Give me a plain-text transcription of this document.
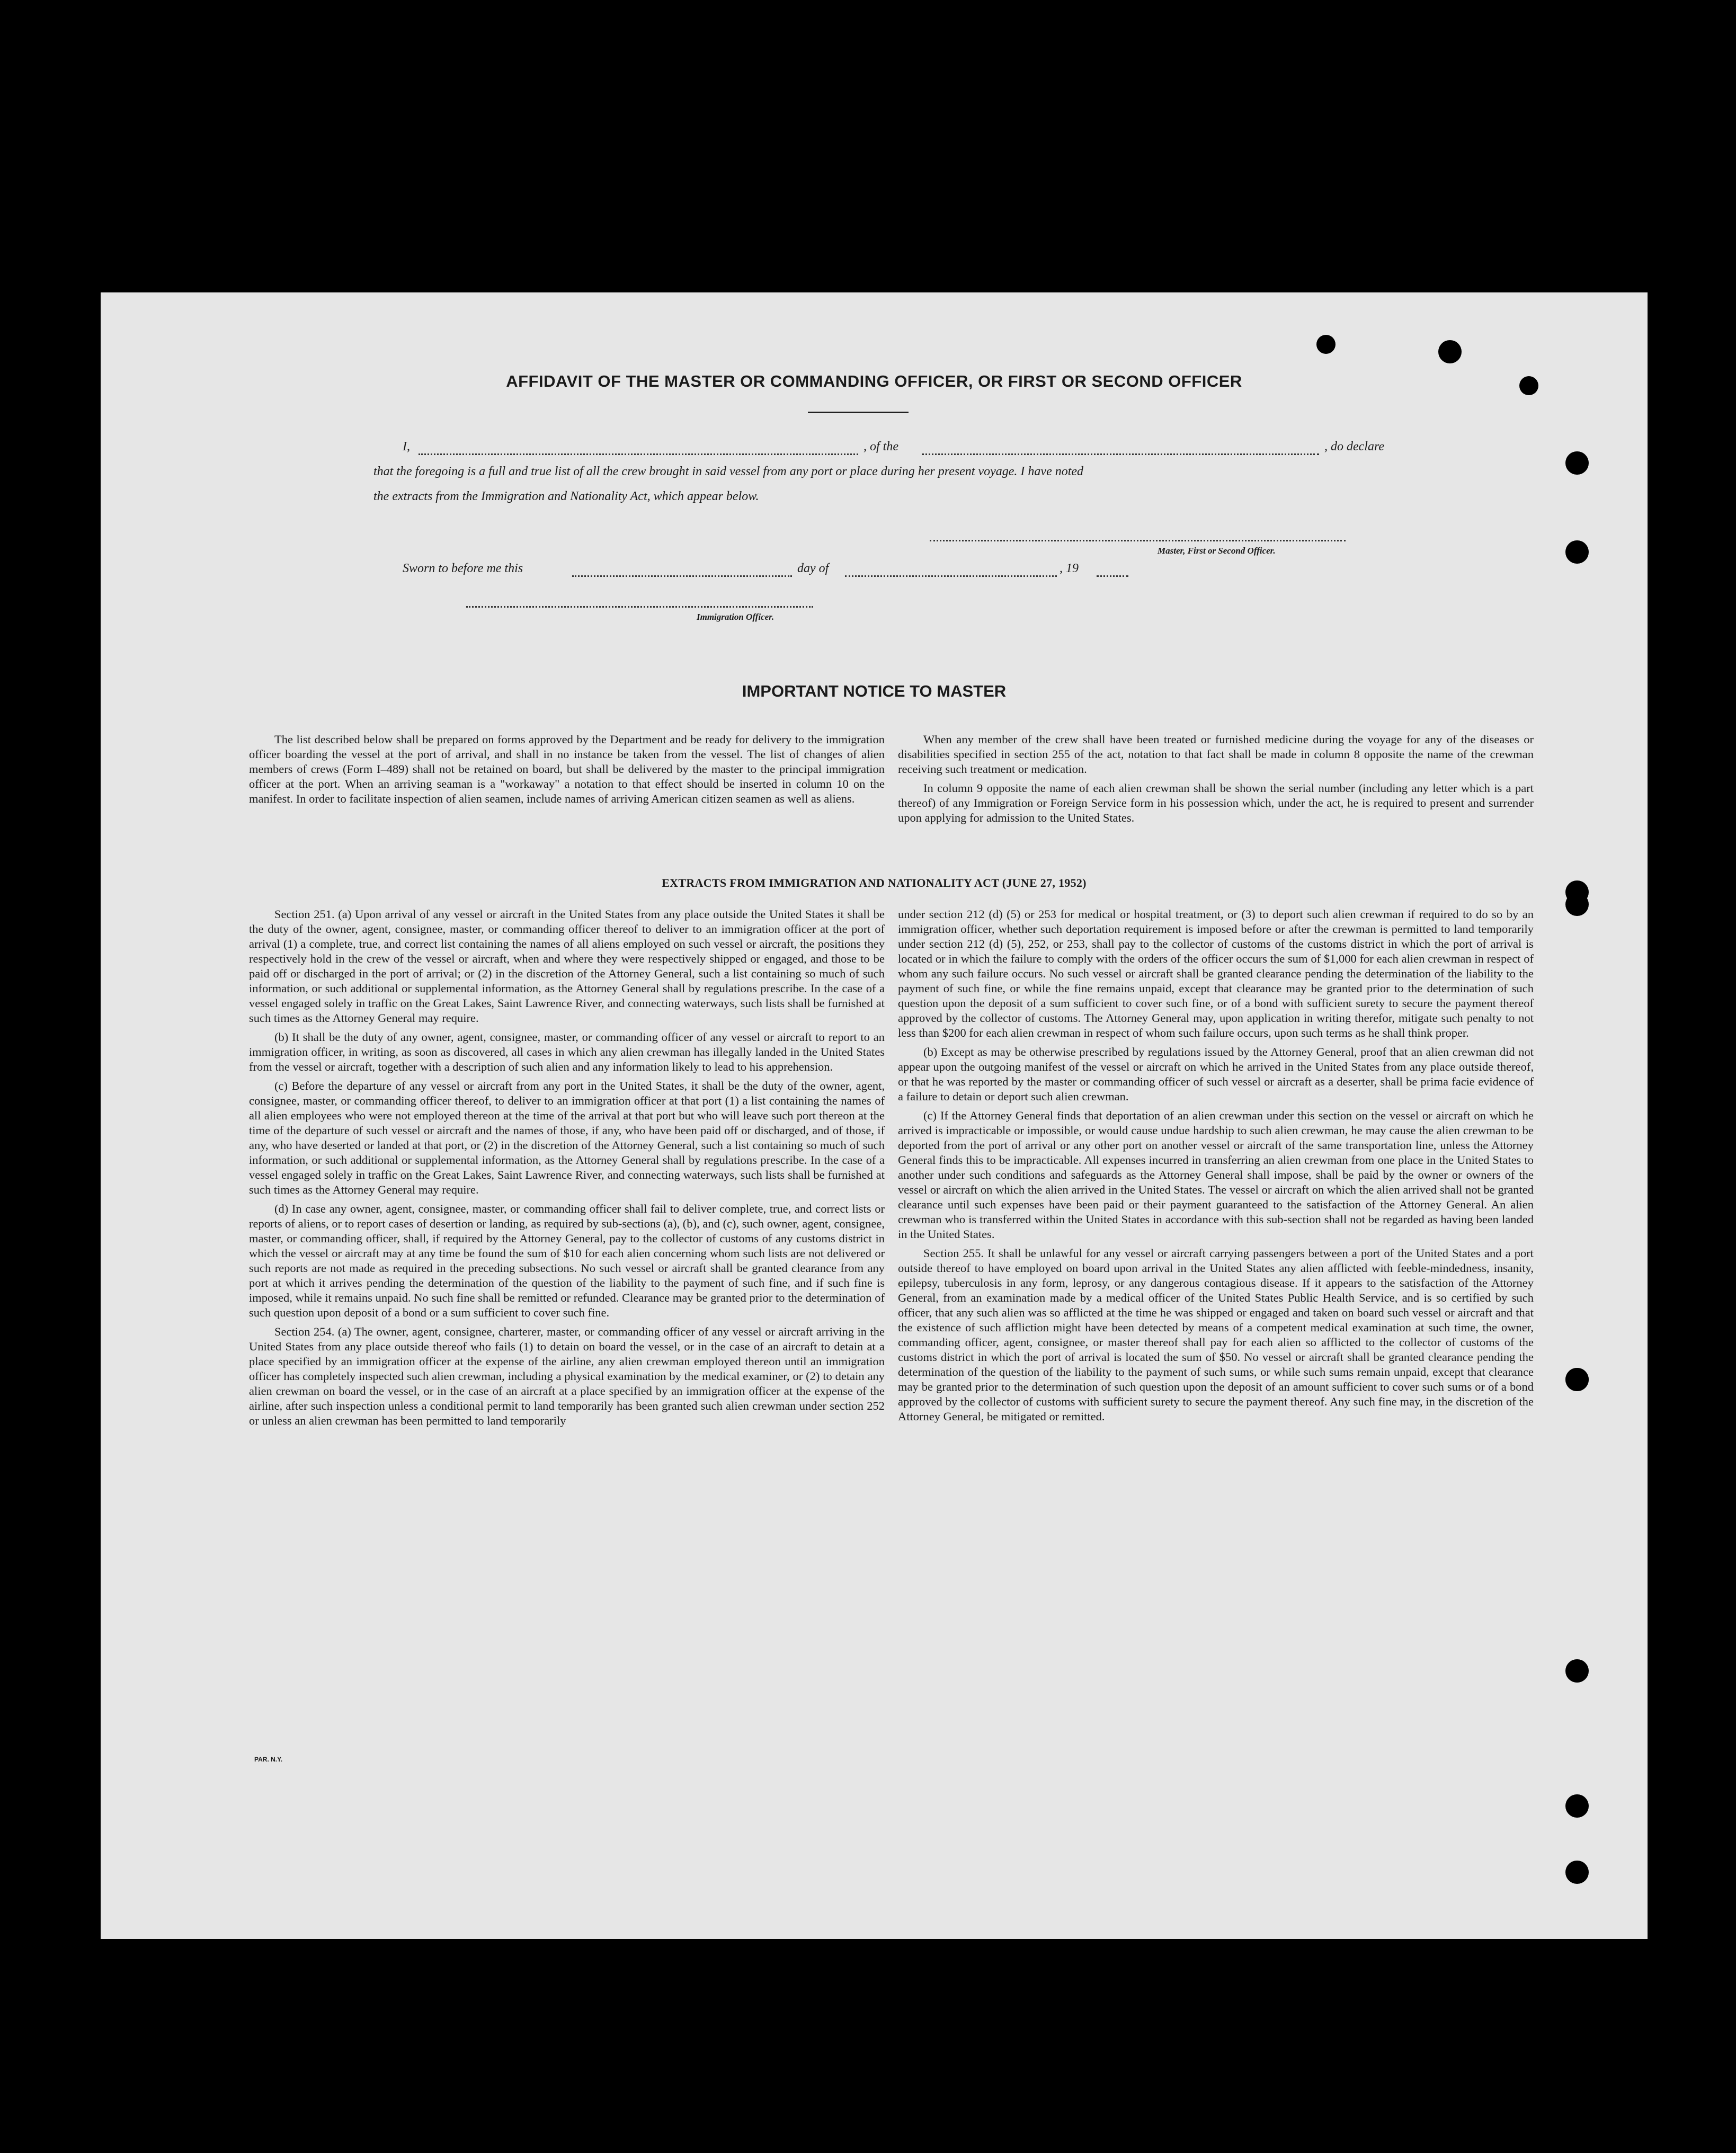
AFFIDAVIT OF THE MASTER OR COMMANDING OFFICER, OR FIRST OR SECOND OFFICER
I,	, of the	, do declare
that the foregoing is a full and true list of all the crew brought in said vessel from any port or place during her present voyage. I have noted
the extracts from the Immigration and Nationality Act, which appear below.
Master, First or Second Officer.
Sworn to before me this	day of	, 19
Immigration Officer.
IMPORTANT NOTICE TO MASTER

The list described below shall be prepared on forms approved by the Department and be ready for delivery to the immigration officer boarding the vessel at the port of arrival, and shall in no instance be taken from the vessel. The list of changes of alien members of crews (Form I–489) shall not be retained on board, but shall be delivered by the master to the principal immigration officer at the port. When an arriving seaman is a "workaway" a notation to that effect should be inserted in column 10 on the manifest. In order to facilitate inspection of alien seamen, include names of arriving American citizen seamen as well as aliens.

When any member of the crew shall have been treated or furnished medicine during the voyage for any of the diseases or disabilities specified in section 255 of the act, notation to that fact shall be made in column 8 opposite the name of the crewman receiving such treatment or medication.

In column 9 opposite the name of each alien crewman shall be shown the serial number (including any letter which is a part thereof) of any Immigration or Foreign Service form in his possession which, under the act, he is required to present and surrender upon applying for admission to the United States.

EXTRACTS FROM IMMIGRATION AND NATIONALITY ACT (JUNE 27, 1952)

Section 251. (a) Upon arrival of any vessel or aircraft in the United States from any place outside the United States it shall be the duty of the owner, agent, consignee, master, or commanding officer thereof to deliver to an immigration officer at the port of arrival (1) a complete, true, and correct list containing the names of all aliens employed on such vessel or aircraft, the positions they respectively hold in the crew of the vessel or aircraft, when and where they were respectively shipped or engaged, and those to be paid off or discharged in the port of arrival; or (2) in the discretion of the Attorney General, such a list containing so much of such information, or such additional or supplemental information, as the Attorney General shall by regulations prescribe. In the case of a vessel engaged solely in traffic on the Great Lakes, Saint Lawrence River, and connecting waterways, such lists shall be furnished at such times as the Attorney General may require.

(b) It shall be the duty of any owner, agent, consignee, master, or commanding officer of any vessel or aircraft to report to an immigration officer, in writing, as soon as discovered, all cases in which any alien crewman has illegally landed in the United States from the vessel or aircraft, together with a description of such alien and any information likely to lead to his apprehension.

(c) Before the departure of any vessel or aircraft from any port in the United States, it shall be the duty of the owner, agent, consignee, master, or commanding officer thereof, to deliver to an immigration officer at that port (1) a list containing the names of all alien employees who were not employed thereon at the time of the arrival at that port but who will leave such port thereon at the time of the departure of such vessel or aircraft and the names of those, if any, who have been paid off or discharged, and of those, if any, who have deserted or landed at that port, or (2) in the discretion of the Attorney General, such a list containing so much of such information, or such additional or supplemental information, as the Attorney General shall by regulations prescribe. In the case of a vessel engaged solely in traffic on the Great Lakes, Saint Lawrence River, and connecting waterways, such lists shall be furnished at such times as the Attorney General may require.

(d) In case any owner, agent, consignee, master, or commanding officer shall fail to deliver complete, true, and correct lists or reports of aliens, or to report cases of desertion or landing, as required by sub-sections (a), (b), and (c), such owner, agent, consignee, master, or commanding officer, shall, if required by the Attorney General, pay to the collector of customs of any customs district in which the vessel or aircraft may at any time be found the sum of $10 for each alien concerning whom such lists are not delivered or such reports are not made as required in the preceding subsections. No such vessel or aircraft shall be granted clearance from any port at which it arrives pending the determination of the question of the liability to the payment of such fine, and if such fine is imposed, while it remains unpaid. No such fine shall be remitted or refunded. Clearance may be granted prior to the determination of such question upon deposit of a bond or a sum sufficient to cover such fine.

Section 254. (a) The owner, agent, consignee, charterer, master, or commanding officer of any vessel or aircraft arriving in the United States from any place outside thereof who fails (1) to detain on board the vessel, or in the case of an aircraft to detain at a place specified by an immigration officer at the expense of the airline, any alien crewman employed thereon until an immigration officer has completely inspected such alien crewman, including a physical examination by the medical examiner, or (2) to detain any alien crewman on board the vessel, or in the case of an aircraft at a place specified by an immigration officer at the expense of the airline, after such inspection unless a conditional permit to land temporarily has been granted such alien crewman under section 252 or unless an alien crewman has been permitted to land temporarily

under section 212 (d) (5) or 253 for medical or hospital treatment, or (3) to deport such alien crewman if required to do so by an immigration officer, whether such deportation requirement is imposed before or after the crewman is permitted to land temporarily under section 212 (d) (5), 252, or 253, shall pay to the collector of customs of the customs district in which the port of arrival is located or in which the failure to comply with the orders of the officer occurs the sum of $1,000 for each alien crewman in respect of whom any such failure occurs. No such vessel or aircraft shall be granted clearance pending the determination of the liability to the payment of such fine, or while the fine remains unpaid, except that clearance may be granted prior to the determination of such question upon the deposit of a sum sufficient to cover such fine, or of a bond with sufficient surety to secure the payment thereof approved by the collector of customs. The Attorney General may, upon application in writing therefor, mitigate such penalty to not less than $200 for each alien crewman in respect of whom such failure occurs, upon such terms as he shall think proper.

(b) Except as may be otherwise prescribed by regulations issued by the Attorney General, proof that an alien crewman did not appear upon the outgoing manifest of the vessel or aircraft on which he arrived in the United States from any place outside thereof, or that he was reported by the master or commanding officer of such vessel or aircraft as a deserter, shall be prima facie evidence of a failure to detain or deport such alien crewman.

(c) If the Attorney General finds that deportation of an alien crewman under this section on the vessel or aircraft on which he arrived is impracticable or impossible, or would cause undue hardship to such alien crewman, he may cause the alien crewman to be deported from the port of arrival or any other port on another vessel or aircraft of the same transportation line, unless the Attorney General finds this to be impracticable. All expenses incurred in transferring an alien crewman from one place in the United States to another under such conditions and safeguards as the Attorney General shall impose, shall be paid by the owner or owners of the vessel or aircraft on which the alien arrived in the United States. The vessel or aircraft on which the alien arrived shall not be granted clearance until such expenses have been paid or their payment guaranteed to the satisfaction of the Attorney General. An alien crewman who is transferred within the United States in accordance with this sub-section shall not be regarded as having been landed in the United States.

Section 255. It shall be unlawful for any vessel or aircraft carrying passengers between a port of the United States and a port outside thereof to have employed on board upon arrival in the United States any alien afflicted with feeble-mindedness, insanity, epilepsy, tuberculosis in any form, leprosy, or any dangerous contagious disease. If it appears to the satisfaction of the Attorney General, from an examination made by a medical officer of the United States Public Health Service, and is so certified by such officer, that any such alien was so afflicted at the time he was shipped or engaged and taken on board such vessel or aircraft and that the existence of such affliction might have been detected by means of a competent medical examination at such time, the owner, commanding officer, agent, consignee, or master thereof shall pay for each alien so afflicted to the collector of customs of the customs district in which the port of arrival is located the sum of $50. No vessel or aircraft shall be granted clearance pending the determination of the question of the liability to the payment of such sums, or while such sums remain unpaid, except that clearance may be granted prior to the determination of such question upon the deposit of an amount sufficient to cover such sums or of a bond approved by the collector of customs with sufficient surety to secure the payment thereof. Any such fine may, in the discretion of the Attorney General, be mitigated or remitted.

PAR. N.Y.
